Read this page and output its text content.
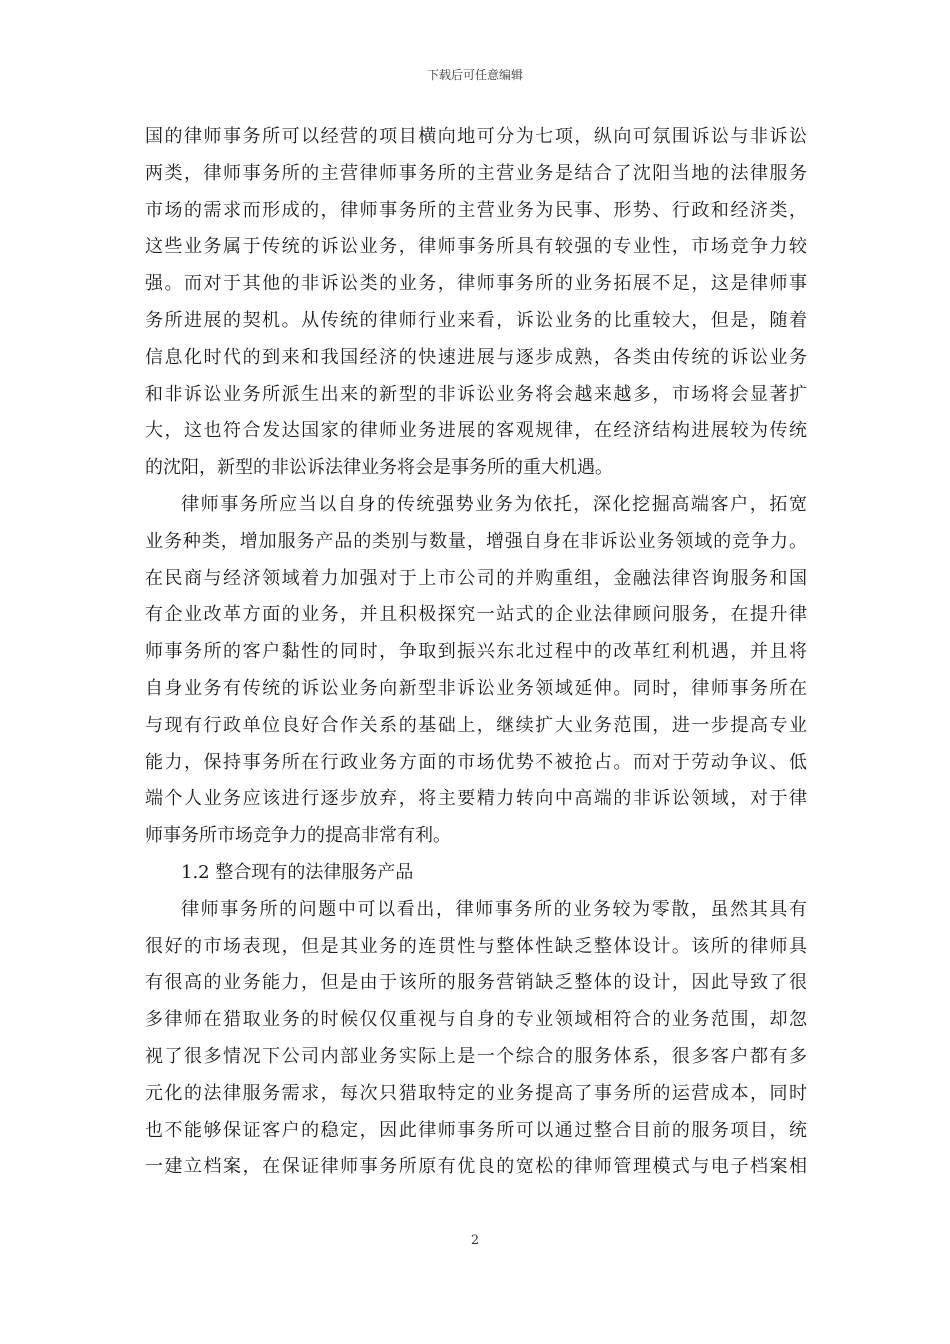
下载后可任意编辑
国的律师事务所可以经营的项目横向地可分为七项，纵向可氛围诉讼与非诉讼
两类，律师事务所的主营律师事务所的主营业务是结合了沈阳当地的法律服务
市场的需求而形成的，律师事务所的主营业务为民事、形势、行政和经济类，
这些业务属于传统的诉讼业务，律师事务所具有较强的专业性，市场竞争力较
强。而对于其他的非诉讼类的业务，律师事务所的业务拓展不足，这是律师事
务所进展的契机。从传统的律师行业来看，诉讼业务的比重较大，但是，随着
信息化时代的到来和我国经济的快速进展与逐步成熟，各类由传统的诉讼业务
和非诉讼业务所派生出来的新型的非诉讼业务将会越来越多，市场将会显著扩
大，这也符合发达国家的律师业务进展的客观规律，在经济结构进展较为传统
的沈阳，新型的非讼诉法律业务将会是事务所的重大机遇。
律师事务所应当以自身的传统强势业务为依托，深化挖掘高端客户，拓宽
业务种类，增加服务产品的类别与数量，增强自身在非诉讼业务领域的竞争力。
在民商与经济领域着力加强对于上市公司的并购重组，金融法律咨询服务和国
有企业改革方面的业务，并且积极探究一站式的企业法律顾问服务，在提升律
师事务所的客户黏性的同时，争取到振兴东北过程中的改革红利机遇，并且将
自身业务有传统的诉讼业务向新型非诉讼业务领域延伸。同时，律师事务所在
与现有行政单位良好合作关系的基础上，继续扩大业务范围，进一步提高专业
能力，保持事务所在行政业务方面的市场优势不被抢占。而对于劳动争议、低
端个人业务应该进行逐步放弃，将主要精力转向中高端的非诉讼领域，对于律
师事务所市场竞争力的提高非常有利。
1.2 整合现有的法律服务产品
律师事务所的问题中可以看出，律师事务所的业务较为零散，虽然其具有
很好的市场表现，但是其业务的连贯性与整体性缺乏整体设计。该所的律师具
有很高的业务能力，但是由于该所的服务营销缺乏整体的设计，因此导致了很
多律师在猎取业务的时候仅仅重视与自身的专业领域相符合的业务范围，却忽
视了很多情况下公司内部业务实际上是一个综合的服务体系，很多客户都有多
元化的法律服务需求，每次只猎取特定的业务提高了事务所的运营成本，同时
也不能够保证客户的稳定，因此律师事务所可以通过整合目前的服务项目，统
一建立档案，在保证律师事务所原有优良的宽松的律师管理模式与电子档案相
2
